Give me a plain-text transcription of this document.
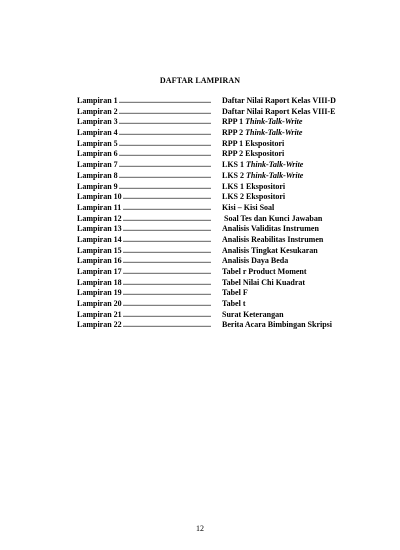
DAFTAR LAMPIRAN
Lampiran 1 ..............................................	Daftar Nilai Raport Kelas VIII-D
Lampiran 2 ..............................................	Daftar Nilai Raport Kelas VIII-E
Lampiran 3 ..............................................	RPP 1 Think-Talk-Write
Lampiran 4 ..............................................	RPP 2 Think-Talk-Write
Lampiran 5 ..............................................	RPP 1 Ekspositori
Lampiran 6 ..............................................	RPP 2 Ekspositori
Lampiran 7 ..............................................	LKS 1 Think-Talk-Write
Lampiran 8 ..............................................	LKS 2 Think-Talk-Write
Lampiran 9 ..............................................	LKS 1 Ekspositori
Lampiran 10 ............................................	LKS 2 Ekspositori
Lampiran 11 ............................................	Kisi – Kisi Soal
Lampiran 12 ............................................	Soal Tes dan Kunci Jawaban
Lampiran 13 ............................................	Analisis Validitas Instrumen
Lampiran 14 ............................................	Analisis Reabilitas Instrumen
Lampiran 15 ............................................	Analisis Tingkat Kesukaran
Lampiran 16 ............................................	Analisis Daya Beda
Lampiran 17 ............................................	Tabel r Product Moment
Lampiran 18 ............................................	Tabel Nilai Chi Kuadrat
Lampiran 19 ............................................	Tabel F
Lampiran 20 ............................................	Tabel t
Lampiran 21 ............................................	Surat Keterangan
Lampiran 22 ............................................	Berita Acara Bimbingan Skripsi
12
